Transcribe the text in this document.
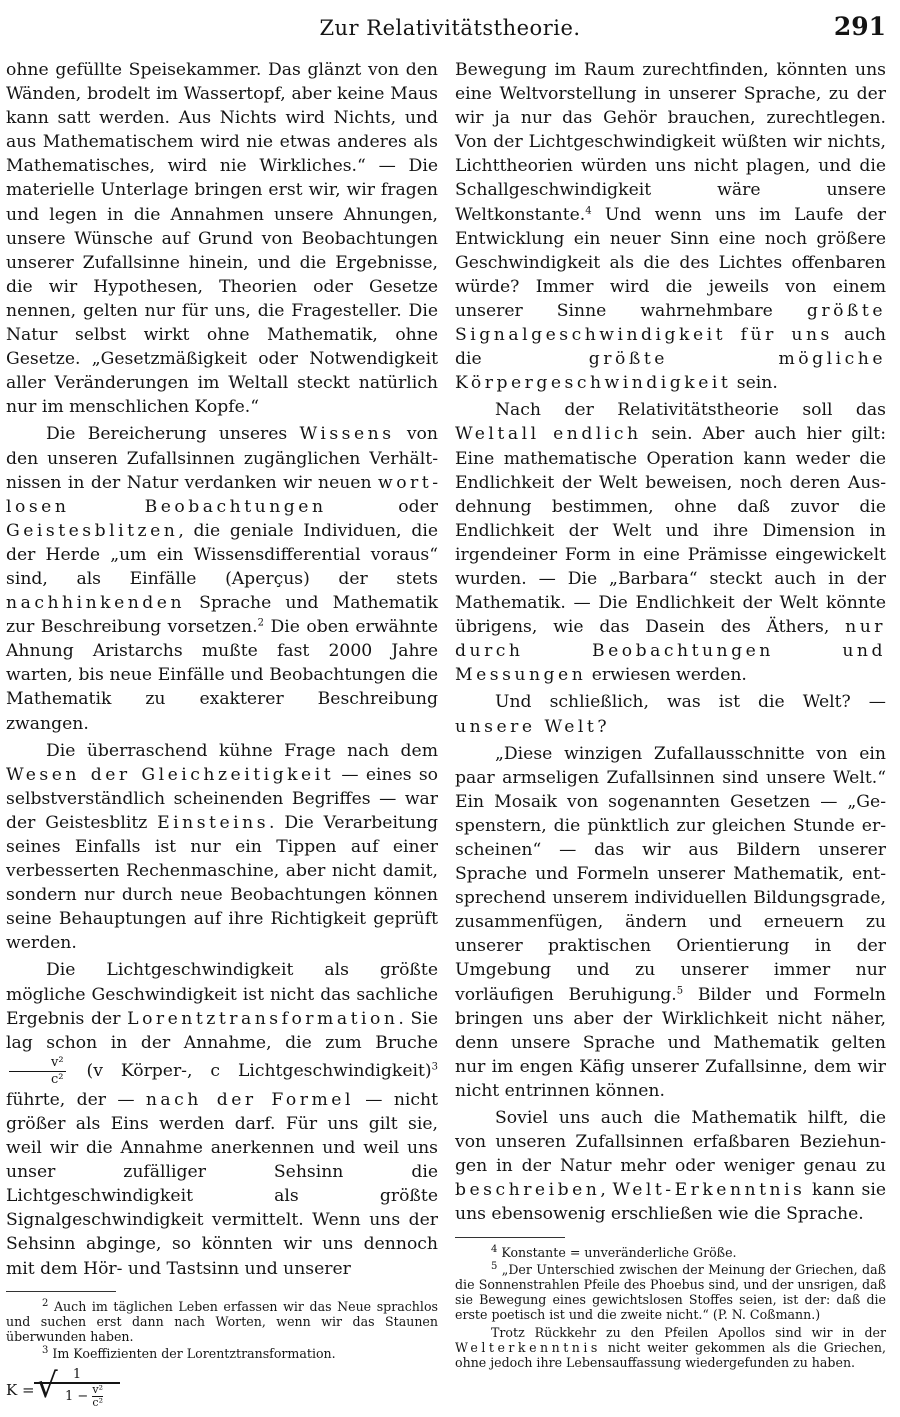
Zur Relativitätstheorie.	291

ohne gefüllte Speisekammer. Das glänzt von den Wänden, brodelt im Wassertopf, aber keine Maus kann satt werden. Aus Nichts wird Nichts, und aus Mathematischem wird nie etwas anderes als Mathematisches, wird nie Wirkliches.“ — Die materielle Unterlage bringen erst wir, wir fragen und legen in die Annahmen unsere Ahnungen, unsere Wünsche auf Grund von Beobachtungen unserer Zufallsinne hinein, und die Ergebnisse, die wir Hypothesen, Theorien oder Gesetze nennen, gelten nur für uns, die Fragesteller. Die Natur selbst wirkt ohne Mathematik, ohne Gesetze. „Gesetzmäßigkeit oder Notwendigkeit aller Veränderungen im Weltall steckt natürlich nur im menschlichen Kopfe.“

Die Bereicherung unseres Wissens von den unseren Zufallsinnen zugänglichen Verhältnissen in der Natur verdanken wir neuen wortlosen Beobachtungen	oder Geistesblitzen, die geniale Individuen, die der Herde „um ein Wissensdifferential voraus“ sind, als Einfälle (Aperçus) der stets nachhinkenden Sprache und Mathematik zur Beschreibung vorsetzen.$^2$ Die oben erwähnte Ahnung Aristarchs mußte fast 2000 Jahre warten, bis neue Einfälle und Beobachtungen die Mathematik zu exakterer Beschreibung zwangen.

Die überraschend kühne Frage nach dem Wesen der Gleichzeitigkeit — eines so selbstverständlich scheinenden Begriffes — war der Geistesblitz Einsteins. Die Verarbeitung seines Einfalls ist nur ein Tippen auf einer verbesserten Rechenmaschine, aber nicht damit, sondern nur durch neue Beobachtungen können seine Behauptungen auf ihre Richtigkeit geprüft werden.

Die Lichtgeschwindigkeit als größte mögliche Geschwindigkeit ist nicht das sachliche Ergebnis der Lorentztransformation. Sie lag schon in der Annahme, die zum Bruche
$\frac{\text{v²}}{\text{c²}} (v$ Körper-, c Lichtgeschwindigkeit)$^3$ führte, der — nach der Formel — nicht größer als Eins werden darf. Für uns gilt sie, weil wir die Annahme anerkennen und weil uns unser zufälliger Sehsinn die Lichtgeschwindigkeit als größte Signalgeschwindigkeit vermittelt. Wenn uns der Sehsinn abginge, so könnten wir uns dennoch mit dem Hör- und Tastsinn und unserer

$^2$ Auch im täglichen Leben erfassen wir das Neue sprachlos und suchen erst dann nach Worten, wenn wir das Staunen überwunden haben.

$^3$ Im Koeffizienten der Lorentztransformation.

$K = \frac{1}{1 - \frac{\text{v²}}{\text{c²}}}$
√

Bewegung im Raum zurechtfinden, könnten uns eine Weltvorstellung in unserer Sprache, zu der wir ja nur das Gehör brauchen, zurechtlegen. Von der Lichtgeschwindigkeit wüßten wir nichts, Lichttheorien würden uns nicht plagen, und die Schallgeschwindigkeit wäre unsere Weltkonstante.$^4$ Und wenn uns im Laufe der Entwicklung ein neuer Sinn eine noch größere Geschwindigkeit als die des Lichtes offenbaren würde? Immer wird die jeweils von einem unserer Sinne wahrnehmbare größte Signalgeschwindigkeit für uns auch die	größte mögliche Körpergeschwindigkeit sein.

Nach der Relativitätstheorie soll das Weltall endlich sein. Aber auch hier gilt: Eine mathematische Operation kann weder die Endlichkeit der Welt beweisen, noch deren Ausdehnung bestimmen, ohne daß zuvor die Endlichkeit der Welt und ihre Dimension in irgendeiner Form in eine Prämisse eingewickelt wurden. — Die „Barbara“ steckt auch in der Mathematik. — Die Endlichkeit der Welt könnte übrigens, wie das Dasein des Äthers, nur durch Beobachtungen und Messungen erwiesen werden.

Und schließlich, was ist die Welt? — unsere Welt?

„Diese winzigen Zufallausschnitte von ein paar armseligen Zufallsinnen sind unsere Welt.“ Ein Mosaik von sogenannten Gesetzen — „Gespenstern, die pünktlich zur gleichen Stunde erscheinen“ — das wir aus Bildern unserer Sprache und Formeln unserer Mathematik, entsprechend unserem individuellen Bildungsgrade, zusammenfügen, ändern und erneuern zu unserer praktischen Orientierung in der Umgebung und zu unserer immer nur vorläufigen Beruhigung.$^5$ Bilder und Formeln bringen uns aber der Wirklichkeit nicht näher, denn unsere Sprache und Mathematik gelten nur im engen Käfig unserer Zufallsinne, dem wir nicht entrinnen können.

Soviel uns auch die Mathematik hilft, die von unseren Zufallsinnen erfaßbaren Beziehungen in der Natur mehr oder weniger genau zu beschreiben, Welt-Erkenntnis kann sie uns ebensowenig erschließen wie die Sprache.

$^4$ Konstante = unveränderliche Größe.

$^5$ „Der Unterschied zwischen der Meinung der Griechen, daß die Sonnenstrahlen Pfeile des Phoebus sind, und der unsrigen, daß sie Bewegung eines gewichtslosen Stoffes seien, ist der: daß die erste poetisch ist und die zweite nicht.“ (P. N. Coßmann.)

Trotz Rückkehr zu den Pfeilen Apollos sind wir in der Welterkenntnis nicht weiter gekommen als die Griechen, ohne jedoch ihre Lebensauffassung wiedergefunden zu haben.
